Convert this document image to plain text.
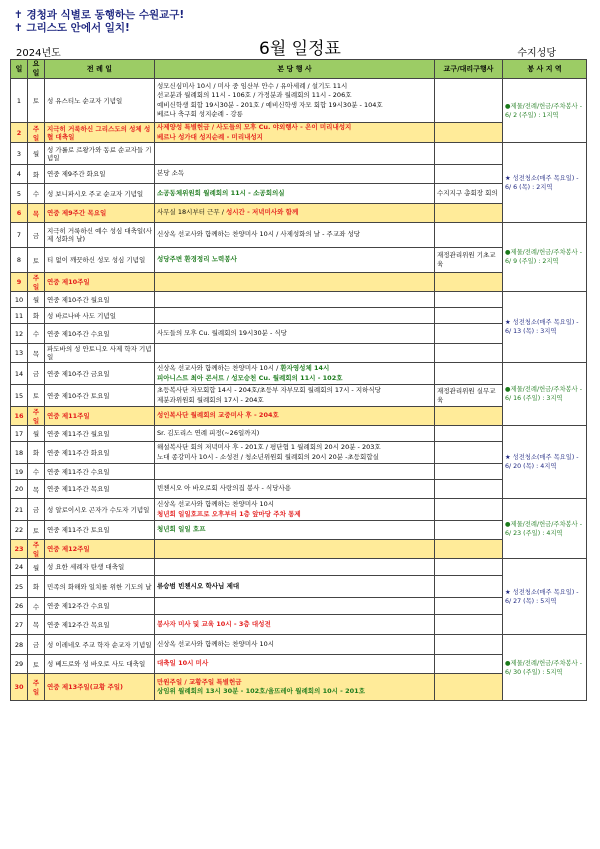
✝ 경청과 식별로 동행하는 수원교구!
✝ 그리스도 안에서 일치!
2024년도	6월 일정표	수지성당
일	요일	전 례 일	본 당 행 사	교구/대리구행사	봉 사 지 역
1	토	성 유스티노 순교자 기념일	성모신심미사 10시 / 미사 중 임산부 안수 / 유아세례 / 설기도 11시
선교분과 월례회의 11시 - 106호 / 가정분과 월례회의 11시 - 206호
예비신학생 회합 19시30분 - 201호 / 예비신학생 자모 회합 19시30분 - 104호
베르나 축구회 성지순례 - 강릉		●제물/전례/헌금/주차봉사 - 6/ 2 (주일) : 1지역
2	주일	지극히 거룩하신 그리스도의 성체 성혈 대축일	사제양성 특별헌금 / 사도들의 모후 Cu. 야외행사 - 은이 미리내성지
베르나 성가대 성지순례 - 미리내성지		

3	월	성 가롤로 르왕가와 동료 순교자들 기념일			★ 성전청소(매주 목요일) - 6/ 6 (목) : 2지역
4	화	연중 제9주간 화요일	본당 소독		

5	수	성 보니파시오 주교 순교자 기념일	소공동체위원회 월례회의 11시 - 소공회의실	수지지구 총회장 회의	
6	목	연중 제9주간 목요일	사무실 18시부터 근무 / 성시간 - 저녁미사와 함께		

7	금	지극히 거룩하신 예수 성심 대축일(사제 성화의 날)	신상옥 선교사와 함께하는 찬양미사 10시 / 사제성화의 날 - 주교좌 성당		●제물/전례/헌금/주차봉사 - 6/ 9 (주일) : 2지역
8	토	티 없이 깨끗하신 성모 성심 기념일	성당주변 환경정리 노력봉사	재정관리위원 기초교육	
9	주일	연중 제10주일			
10	월	연중 제10주간 월요일			★ 성전청소(매주 목요일) - 6/ 13 (목) : 3지역
11	화	성 바르나바 사도 기념일			
12	수	연중 제10주간 수요일	사도들의 모후 Cu. 월례회의 19시30분 - 식당		

13	목	파도바의 성 안토니오 사제 학자 기념일			
14	금	연중 제10주간 금요일	신상옥 선교사와 함께하는 찬양미사 10시 / 환자영성체 14시
피아니스트 최아 콘서트 / 성모승천 Cu. 월례회의 11시 - 102호		●제물/전례/헌금/주차봉사 - 6/ 16 (주일) : 3지역
15	토	연중 제10주간 토요일	초등복사단 자모회합 14시 - 204호/초등부 자부모회 월례회의 17시 - 지하식당
제분과위원회 월례회의 17시 - 204호	재정관리위원 실무교육	
16	주일	연중 제11주일	성인복사단 월례회의 교중미사 후 - 204호		

17	월	연중 제11주간 월요일	Sr. 김도리스 연례 피정(~26일까지)		★ 성전청소(매주 목요일) - 6/ 20 (목) : 4지역
18	화	연중 제11주간 화요일	해설복사단 회의 저녁미사 후 - 201호 / 평단협 1 월례회의 20시 20분 - 203호
노대 종강미사 10시 - 소성전 / 청소년위원회 월례회의 20시 20분 -초등회합실		

19	수	연중 제11주간 수요일			
20	목	연중 제11주간 목요일	빈첸시오 아 바오로회 사랑의집 봉사 - 식당사용		

21	금	성 알로이시오 곤자가 수도자 기념일	신상옥 선교사와 함께하는 찬양미사 10시
청년회 일일호프로 오후부터 1층 앞마당 주차 통제		●제물/전례/헌금/주차봉사 - 6/ 23 (주일) : 4지역
22	토	연중 제11주간 토요일	청년회 일일 호프		

23	주일	연중 제12주일			
24	월	성 요한 세례자 탄생 대축일			★ 성전청소(매주 목요일) - 6/ 27 (목) : 5지역
25	화	민족의 화해와 일치를 위한 기도의 날	류승범 빈첸시오 학사님 제대		

26	수	연중 제12주간 수요일			
27	목	연중 제12주간 목요일	봉사자 미사 및 교육 10시 - 3층 대성전		

28	금	성 이레네오 주교 학자 순교자 기념일	신상옥 선교사와 함께하는 찬양미사 10시		●제물/전례/헌금/주차봉사 - 6/ 30 (주일) : 5지역
29	토	성 베드로와 성 바오로 사도 대축일	대축일 10시 미사		

30	주일	연중 제13주일(교황 주일)	만원주일 / 교황주일 특별헌금
상임위 월례회의 13시 30분 - 102호/울뜨레아 월례회의 10시 - 201호		
